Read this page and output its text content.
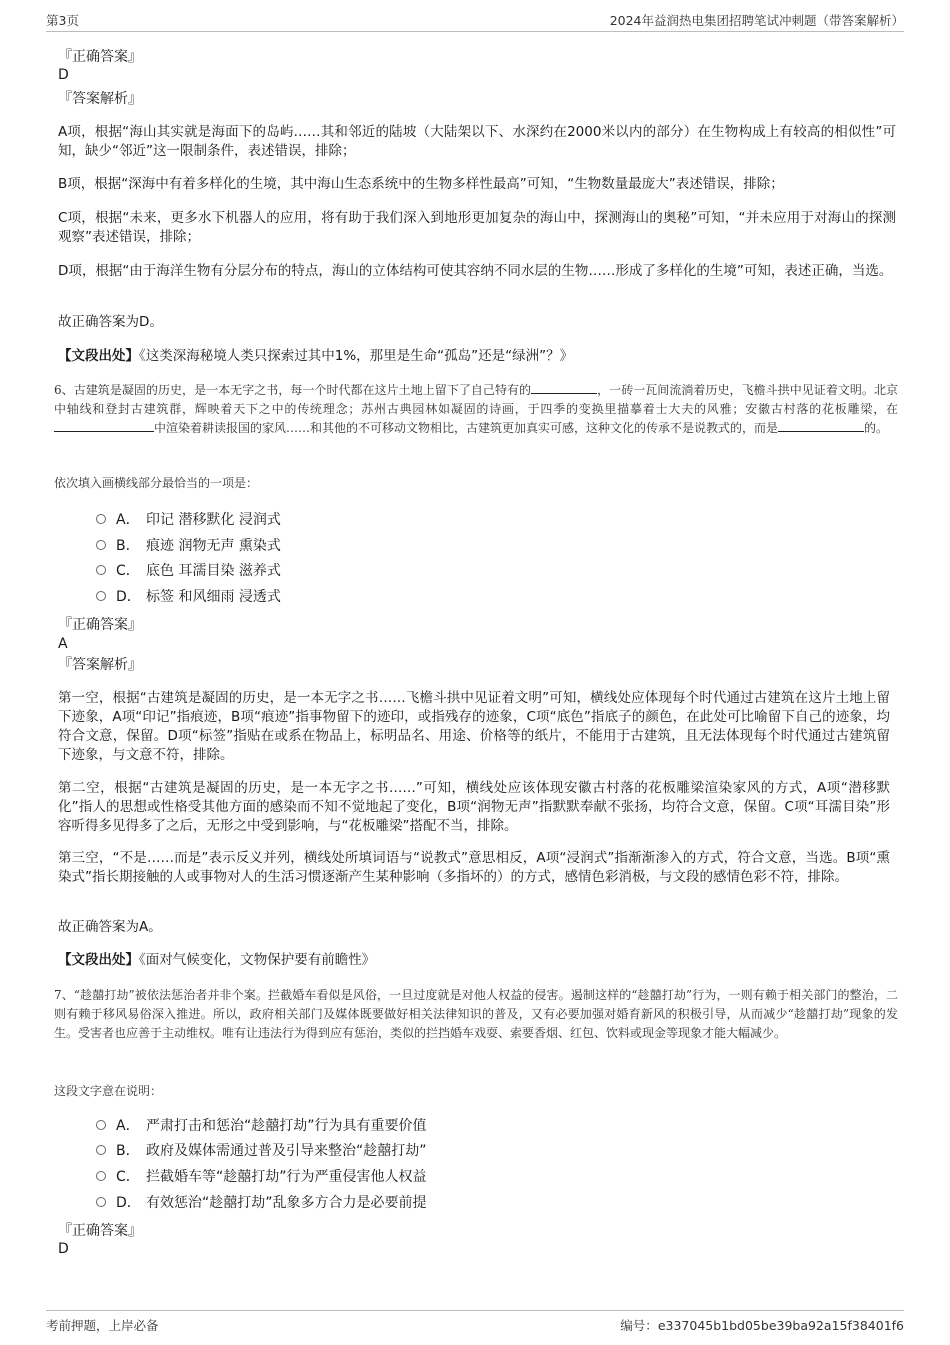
第3页	2024年益润热电集团招聘笔试冲刺题（带答案解析）
『正确答案』
D
『答案解析』
A项，根据“海山其实就是海面下的岛屿……其和邻近的陆坡（大陆架以下、水深约在2000米以内的部分）在生物构成上有较高的相似性”可知，缺少“邻近”这一限制条件，表述错误，排除；
B项，根据“深海中有着多样化的生境，其中海山生态系统中的生物多样性最高”可知，“生物数量最庞大”表述错误，排除；
C项，根据“未来，更多水下机器人的应用，将有助于我们深入到地形更加复杂的海山中，探测海山的奥秘”可知，“并未应用于对海山的探测观察”表述错误，排除；
D项，根据“由于海洋生物有分层分布的特点，海山的立体结构可使其容纳不同水层的生物……形成了多样化的生境”可知，表述正确，当选。
故正确答案为D。
【文段出处】《这类深海秘境人类只探索过其中1%，那里是生命“孤岛”还是“绿洲”？》
6、古建筑是凝固的历史，是一本无字之书，每一个时代都在这片土地上留下了自己特有的	，一砖一瓦间流淌着历史，飞檐斗拱中见证着文明。北京中轴线和登封古建筑群，辉映着天下之中的传统理念；苏州古典园林如凝固的诗画，于四季的变换里描摹着士大夫的风雅；安徽古村落的花板雕梁，在中渲染着耕读报国的家风……和其他的不可移动文物相比，古建筑更加真实可感，这种文化的传承不是说教式的，而是	的。
依次填入画横线部分最恰当的一项是：
A． 印记 潜移默化 浸润式
B． 痕迹 润物无声 熏染式
C． 底色 耳濡目染 滋养式
D． 标签 和风细雨 浸透式
『正确答案』
A
『答案解析』
第一空，根据“古建筑是凝固的历史，是一本无字之书……飞檐斗拱中见证着文明”可知，横线处应体现每个时代通过古建筑在这片土地上留下迹象，A项“印记”指痕迹，B项“痕迹”指事物留下的迹印，或指残存的迹象，C项“底色”指底子的颜色，在此处可比喻留下自己的迹象，均符合文意，保留。D项“标签”指贴在或系在物品上，标明品名、用途、价格等的纸片，不能用于古建筑，且无法体现每个时代通过古建筑留下迹象，与文意不符，排除。
第二空，根据“古建筑是凝固的历史，是一本无字之书……”可知，横线处应该体现安徽古村落的花板雕梁渲染家风的方式，A项“潜移默化”指人的思想或性格受其他方面的感染而不知不觉地起了变化，B项“润物无声”指默默奉献不张扬，均符合文意，保留。C项“耳濡目染”形容听得多见得多了之后，无形之中受到影响，与“花板雕梁”搭配不当，排除。
第三空，“不是……而是”表示反义并列，横线处所填词语与“说教式”意思相反，A项“浸润式”指渐渐渗入的方式，符合文意，当选。B项“熏染式”指长期接触的人或事物对人的生活习惯逐渐产生某种影响（多指坏的）的方式，感情色彩消极，与文段的感情色彩不符，排除。
故正确答案为A。
【文段出处】《面对气候变化，文物保护要有前瞻性》
7、“趁囍打劫”被依法惩治者并非个案。拦截婚车看似是风俗，一旦过度就是对他人权益的侵害。遏制这样的“趁囍打劫”行为，一则有赖于相关部门的整治，二则有赖于移风易俗深入推进。所以，政府相关部门及媒体既要做好相关法律知识的普及，又有必要加强对婚育新风的积极引导，从而减少“趁囍打劫”现象的发生。受害者也应善于主动维权。唯有让违法行为得到应有惩治，类似的拦挡婚车戏耍、索要香烟、红包、饮料或现金等现象才能大幅减少。
这段文字意在说明：
A． 严肃打击和惩治“趁囍打劫”行为具有重要价值
B． 政府及媒体需通过普及引导来整治“趁囍打劫”
C． 拦截婚车等“趁囍打劫”行为严重侵害他人权益
D． 有效惩治“趁囍打劫”乱象多方合力是必要前提
『正确答案』
D
考前押题，上岸必备	编号：e337045b1bd05be39ba92a15f38401f6
